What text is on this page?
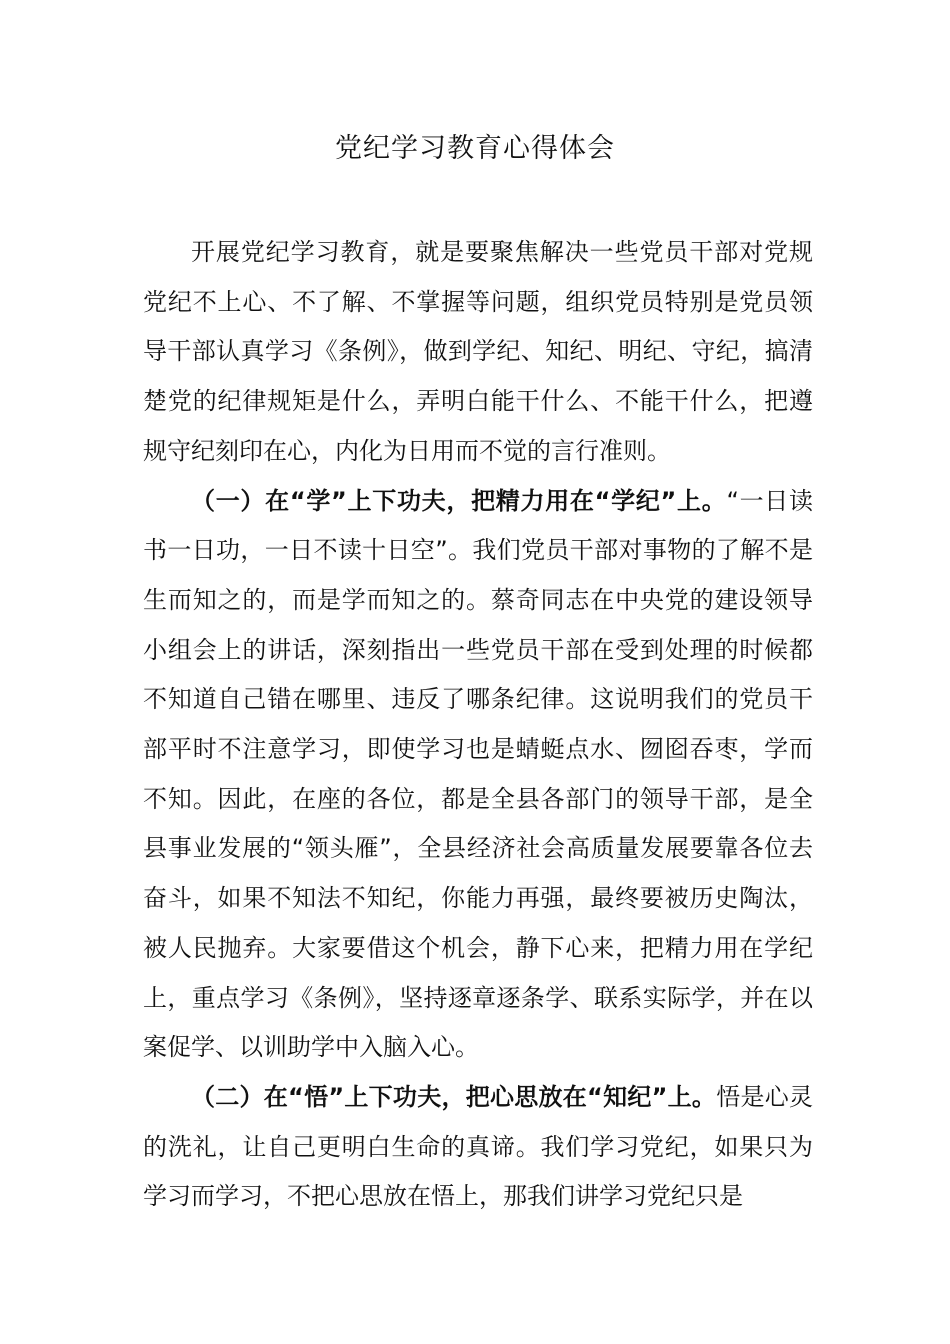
党纪学习教育心得体会

开展党纪学习教育，就是要聚焦解决一些党员干部对党规党纪不上心、不了解、不掌握等问题，组织党员特别是党员领导干部认真学习《条例》，做到学纪、知纪、明纪、守纪，搞清楚党的纪律规矩是什么，弄明白能干什么、不能干什么，把遵规守纪刻印在心，内化为日用而不觉的言行准则。

（一）在“学”上下功夫，把精力用在“学纪”上。“一日读书一日功，一日不读十日空”。我们党员干部对事物的了解不是生而知之的，而是学而知之的。蔡奇同志在中央党的建设领导小组会上的讲话，深刻指出一些党员干部在受到处理的时候都不知道自己错在哪里、违反了哪条纪律。这说明我们的党员干部平时不注意学习，即使学习也是蜻蜓点水、囫囵吞枣，学而不知。因此，在座的各位，都是全县各部门的领导干部，是全县事业发展的“领头雁”，全县经济社会高质量发展要靠各位去奋斗，如果不知法不知纪，你能力再强，最终要被历史陶汰，被人民抛弃。大家要借这个机会，静下心来，把精力用在学纪上，重点学习《条例》，坚持逐章逐条学、联系实际学，并在以案促学、以训助学中入脑入心。

（二）在“悟”上下功夫，把心思放在“知纪”上。悟是心灵的洗礼，让自己更明白生命的真谛。我们学习党纪，如果只为学习而学习，不把心思放在悟上，那我们讲学习党纪只是
